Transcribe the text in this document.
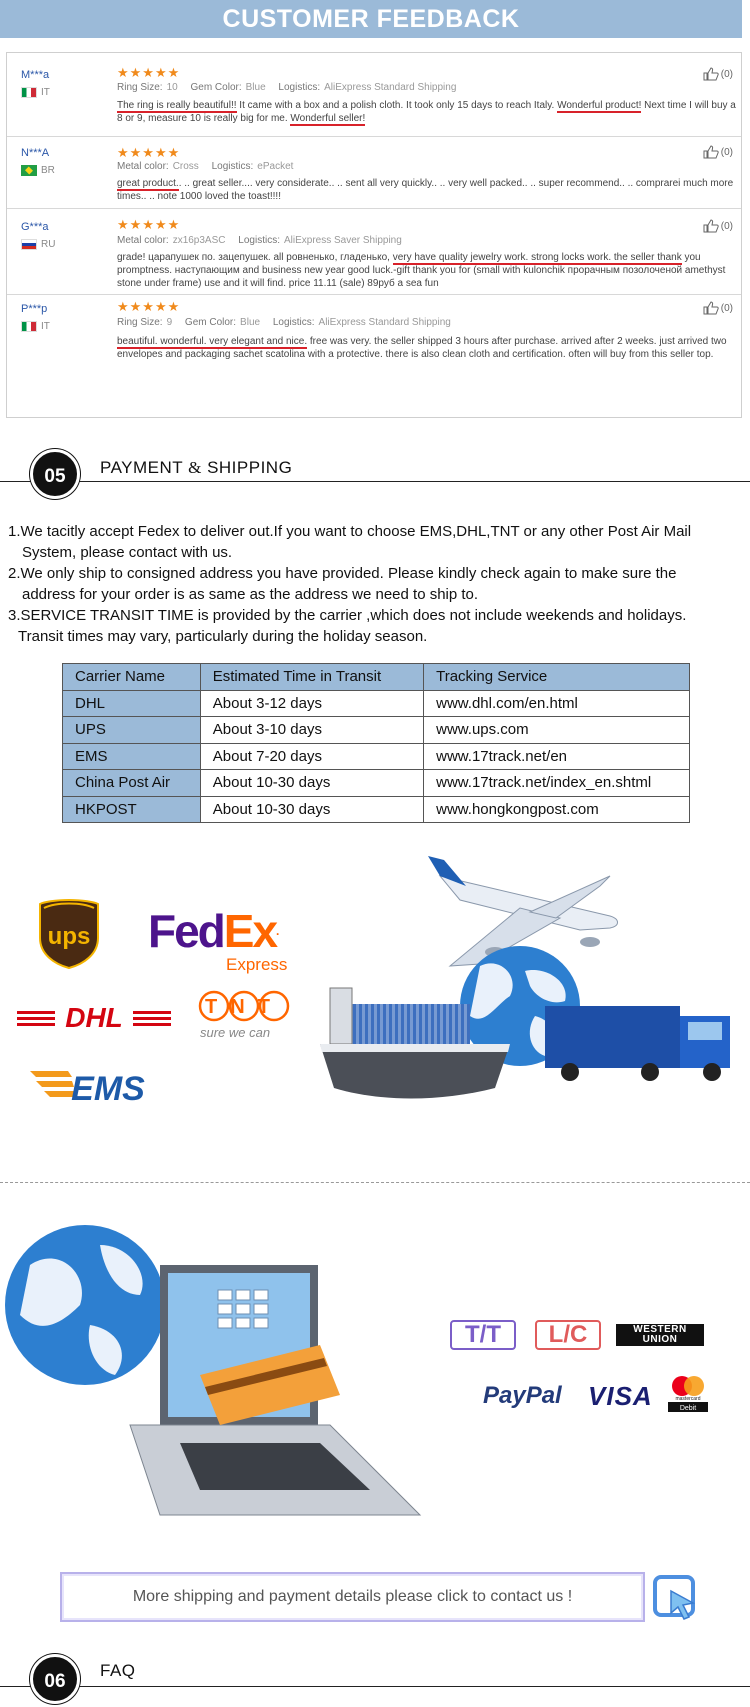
CUSTOMER FEEDBACK
M***a
IT
★★★★★
Ring Size: 10 Gem Color: Blue Logistics: AliExpress Standard Shipping
The ring is really beautiful!! It came with a box and a polish cloth. It took only 15 days to reach Italy. Wonderful product! Next time I will buy a 8 or 9, measure 10 is really big for me. Wonderful seller!
(0)
N***A
BR
★★★★★
Metal color: Cross Logistics: ePacket
great product.. .. great seller.... very considerate.. .. sent all very quickly.. .. very well packed.. .. super recommend.. .. comprarei much more times.. .. note 1000 loved the toast!!!!
(0)
G***a
RU
★★★★★
Metal color: zx16p3ASC Logistics: AliExpress Saver Shipping
grade! царапушек по. зацепушек. all ровненько, гладенько, very have quality jewelry work. strong locks work. the seller thank you promptness. наступающим and business new year good luck.-gift thank you for (small with kulonchik прорачным позолоченой amethyst stone under frame) use and it will find. price 11.11 (sale) 89руб a sea fun
(0)
P***p
IT
★★★★★
Ring Size: 9 Gem Color: Blue Logistics: AliExpress Standard Shipping
beautiful. wonderful. very elegant and nice. free was very. the seller shipped 3 hours after purchase. arrived after 2 weeks. just arrived two envelopes and packaging sachet scatolina with a protective. there is also clean cloth and certification. often will buy from this seller top.
(0)
05	PAYMENT & SHIPPING

1.We tacitly accept Fedex to deliver out.If you want to choose EMS,DHL,TNT or any other Post Air Mail

System, please contact with us.

2.We only ship to consigned address you have provided. Please kindly check again to make sure the

address for your order is as same as the address we need to ship to.

3.SERVICE TRANSIT TIME is provided by the carrier ,which does not include weekends and holidays.

Transit times may vary, particularly during the holiday season.

Carrier Name	Estimated Time in Transit	Tracking Service
DHL	About 3-12 days	www.dhl.com/en.html
UPS	About 3-10 days	www.ups.com
EMS	About 7-20 days	www.17track.net/en
China Post Air	About 10-30 days	www.17track.net/index_en.shtml
HKPOST	About 10-30 days	www.hongkongpost.com
ups FedEx.
Express
DHL	TNT
sure we can
EMS
T/T	L/C	WESTERN
UNION
PayPal VISA	mastercard
Debit
More shipping and payment details please click to contact us !
06
FAQ
